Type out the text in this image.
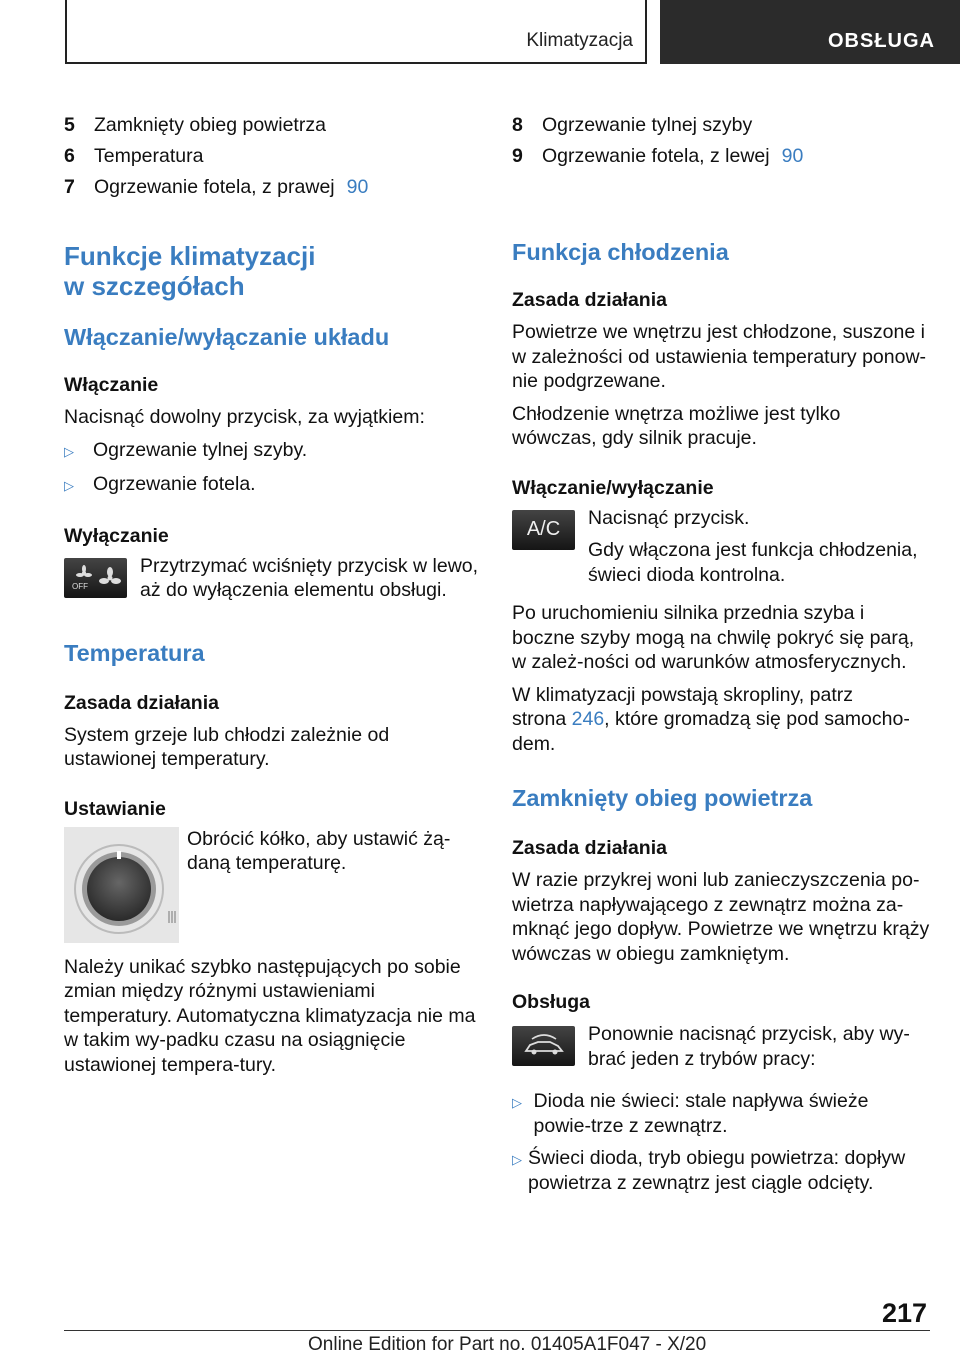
Klimatyzacja	OBSŁUGA
5 Zamknięty obieg powietrza
6 Temperatura
7 Ogrzewanie fotela, z prawej 90
Funkcje klimatyzacji
w szczegółach
Włączanie/wyłączanie układu
Włączanie

Nacisnąć dowolny przycisk, za wyjątkiem:

▷ Ogrzewanie tylnej szyby.
▷ Ogrzewanie fotela.
Wyłączanie
OFF

Przytrzymać wciśnięty przycisk w lewo, aż do wyłączenia elementu obsługi.

Temperatura
Zasada działania

System grzeje lub chłodzi zależnie od ustawionej temperatury.

Ustawianie

Obrócić kółko, aby ustawić żą-
daną temperaturę.

Należy unikać szybko następujących po sobie zmian między różnymi ustawieniami temperatury. Automatyczna klimatyzacja nie ma w takim wy-padku czasu na osiągnięcie ustawionej tempera-tury.

8 Ogrzewanie tylnej szyby
9 Ogrzewanie fotela, z lewej 90
Funkcja chłodzenia
Zasada działania

Powietrze we wnętrzu jest chłodzone, suszone i w zależności od ustawienia temperatury ponow-nie podgrzewane.

Chłodzenie wnętrza możliwe jest tylko wówczas, gdy silnik pracuje.

Włączanie/wyłączanie
A/C

Nacisnąć przycisk.

Gdy włączona jest funkcja chłodzenia, świeci dioda kontrolna.

Po uruchomieniu silnika przednia szyba i boczne szyby mogą na chwilę pokryć się parą, w zależ-ności od warunków atmosferycznych.

W klimatyzacji powstają skropliny, patrz
strona 246, które gromadzą się pod samocho-dem.

Zamknięty obieg powietrza
Zasada działania

W razie przykrej woni lub zanieczyszczenia po-wietrza napływającego z zewnątrz można za-mknąć jego dopływ. Powietrze we wnętrzu krąży wówczas w obiegu zamkniętym.

Obsługa

Ponownie nacisnąć przycisk, aby wy-brać jeden z trybów pracy:

▷ Dioda nie świeci: stale napływa świeże powie-trze z zewnątrz.
▷ Świeci dioda, tryb obiegu powietrza: dopływ powietrza z zewnątrz jest ciągle odcięty.
217
Online Edition for Part no. 01405A1F047 - X/20
